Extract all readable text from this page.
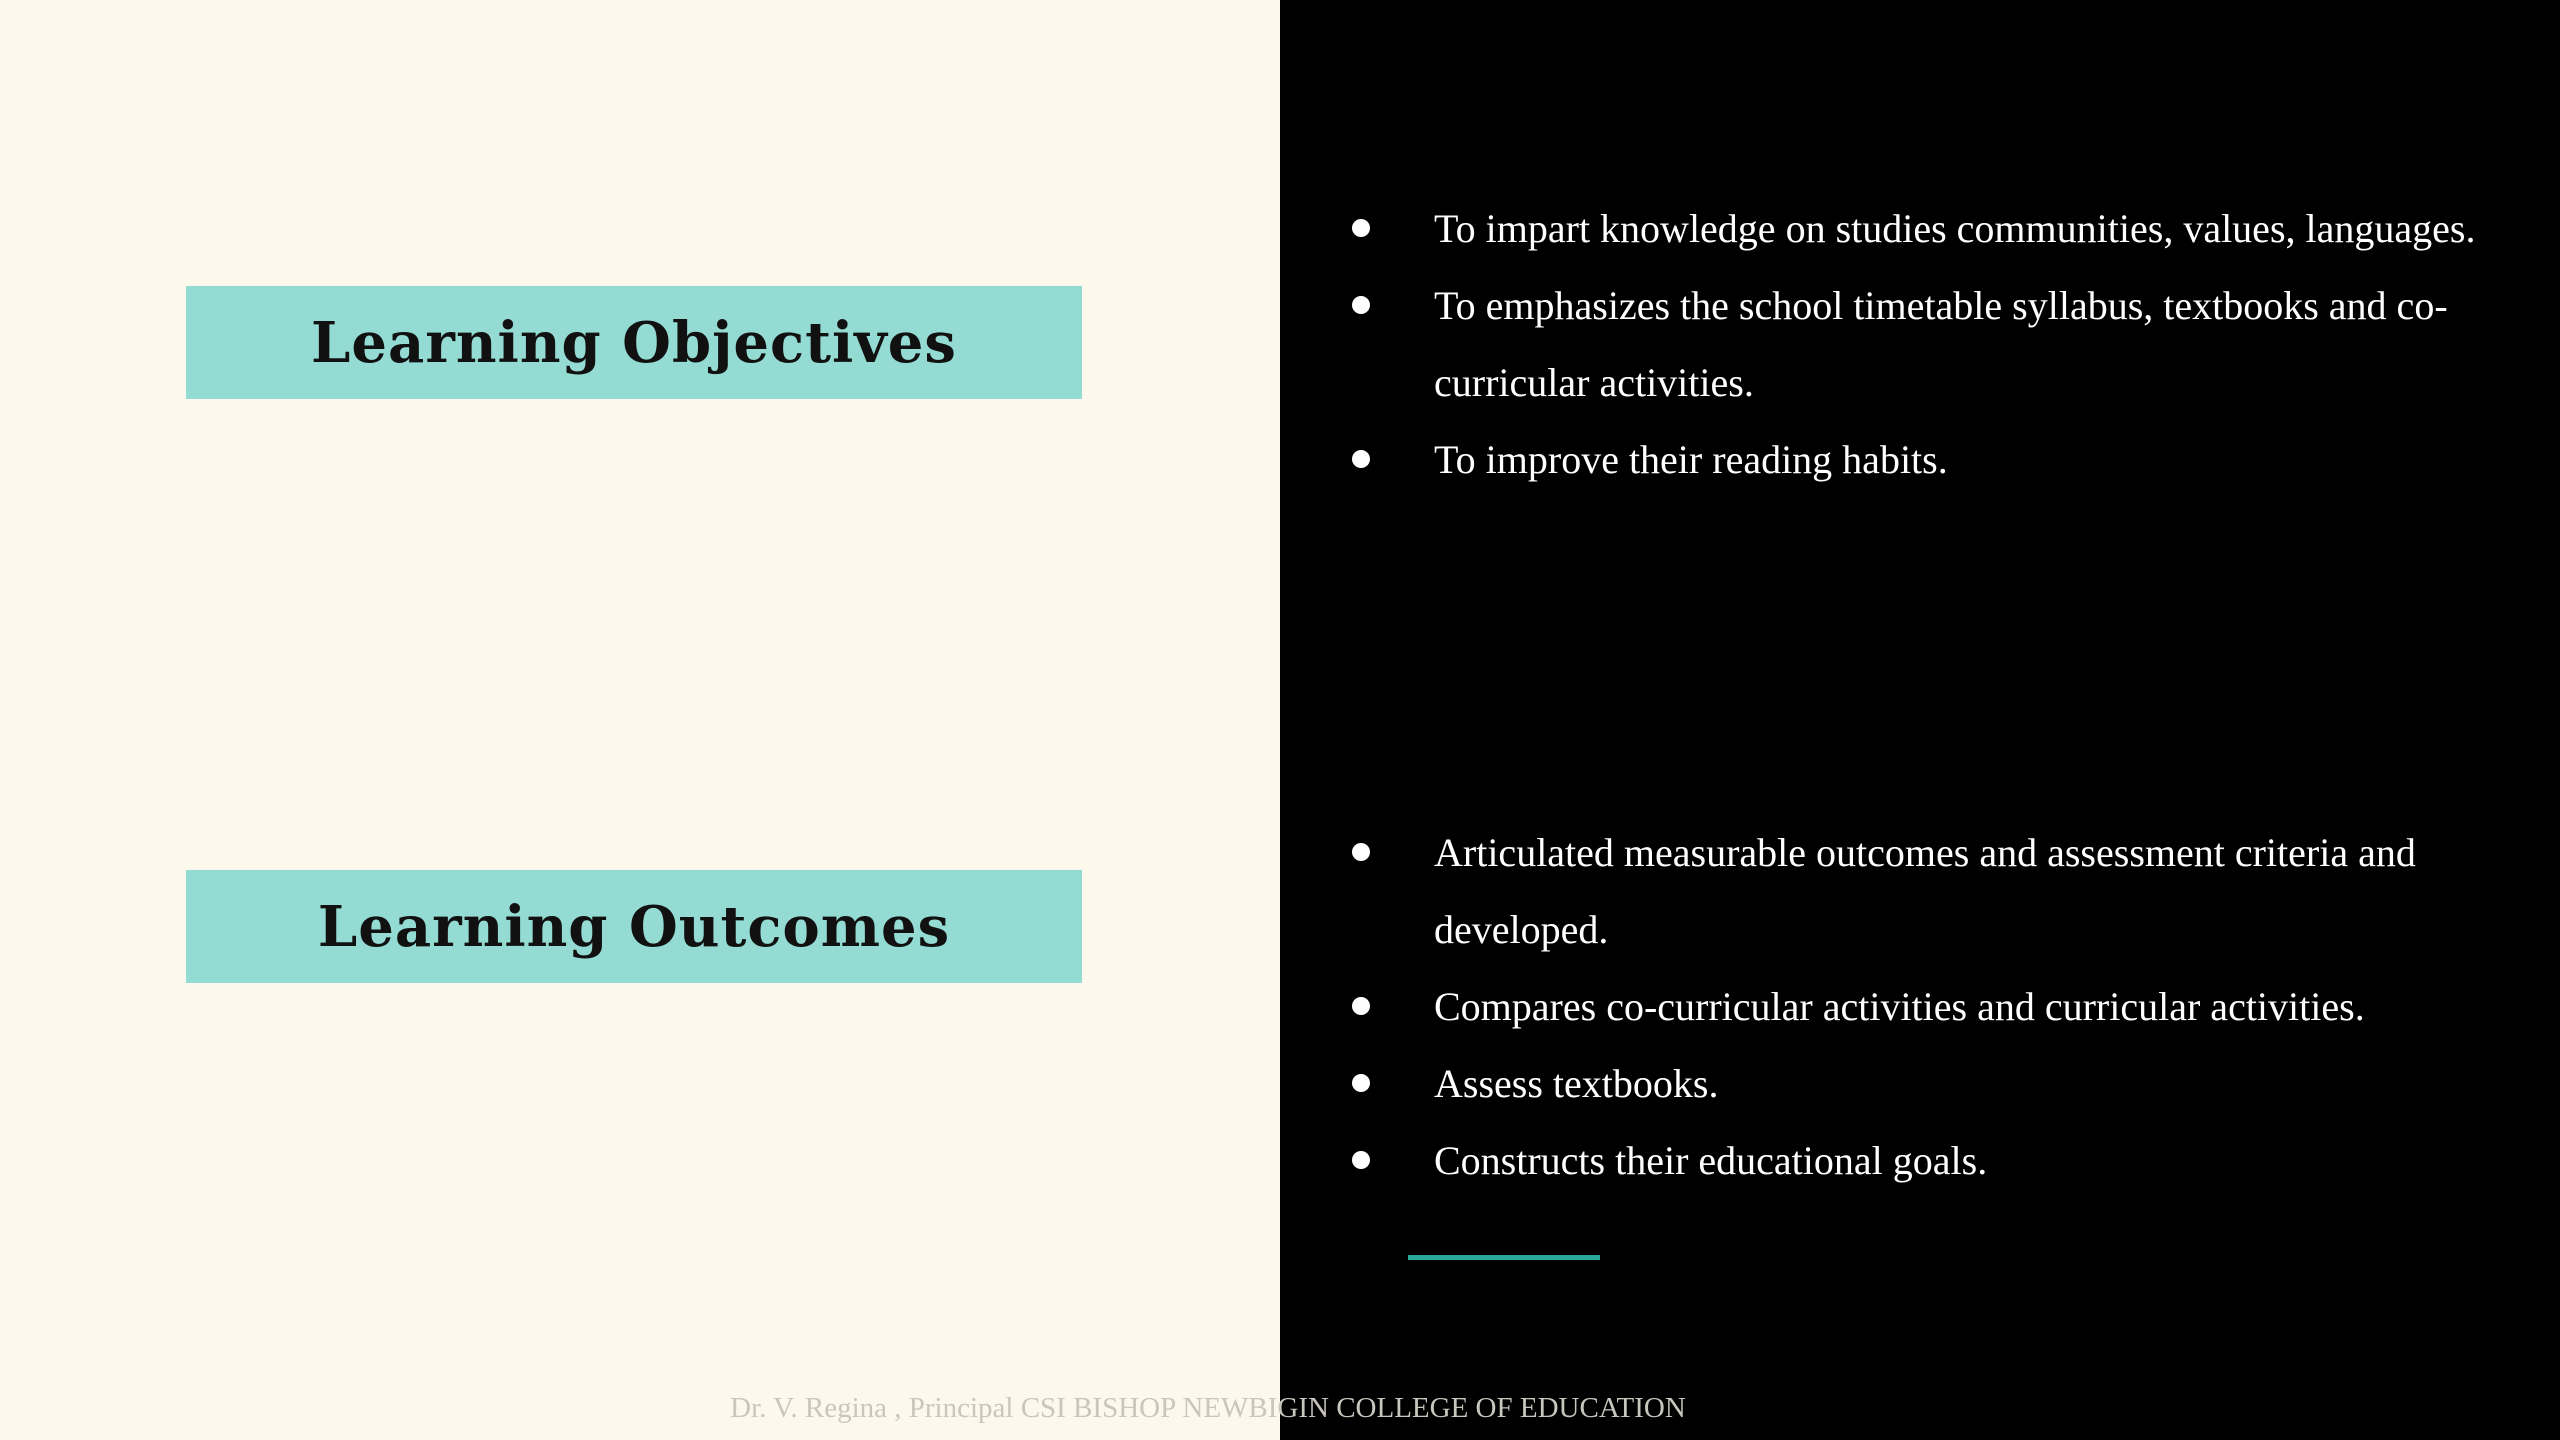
Learning Objectives
Learning Outcomes
To impart knowledge on studies communities, values, languages.
To emphasizes the school timetable syllabus, textbooks and co-curricular activities.
To improve their reading habits.
Articulated measurable outcomes and assessment criteria and developed.
Compares co-curricular activities and curricular activities.
Assess textbooks.
Constructs their educational goals.
Dr. V. Regina , Principal CSI BISHOP NEWBIGIN COLLEGE OF EDUCATION
